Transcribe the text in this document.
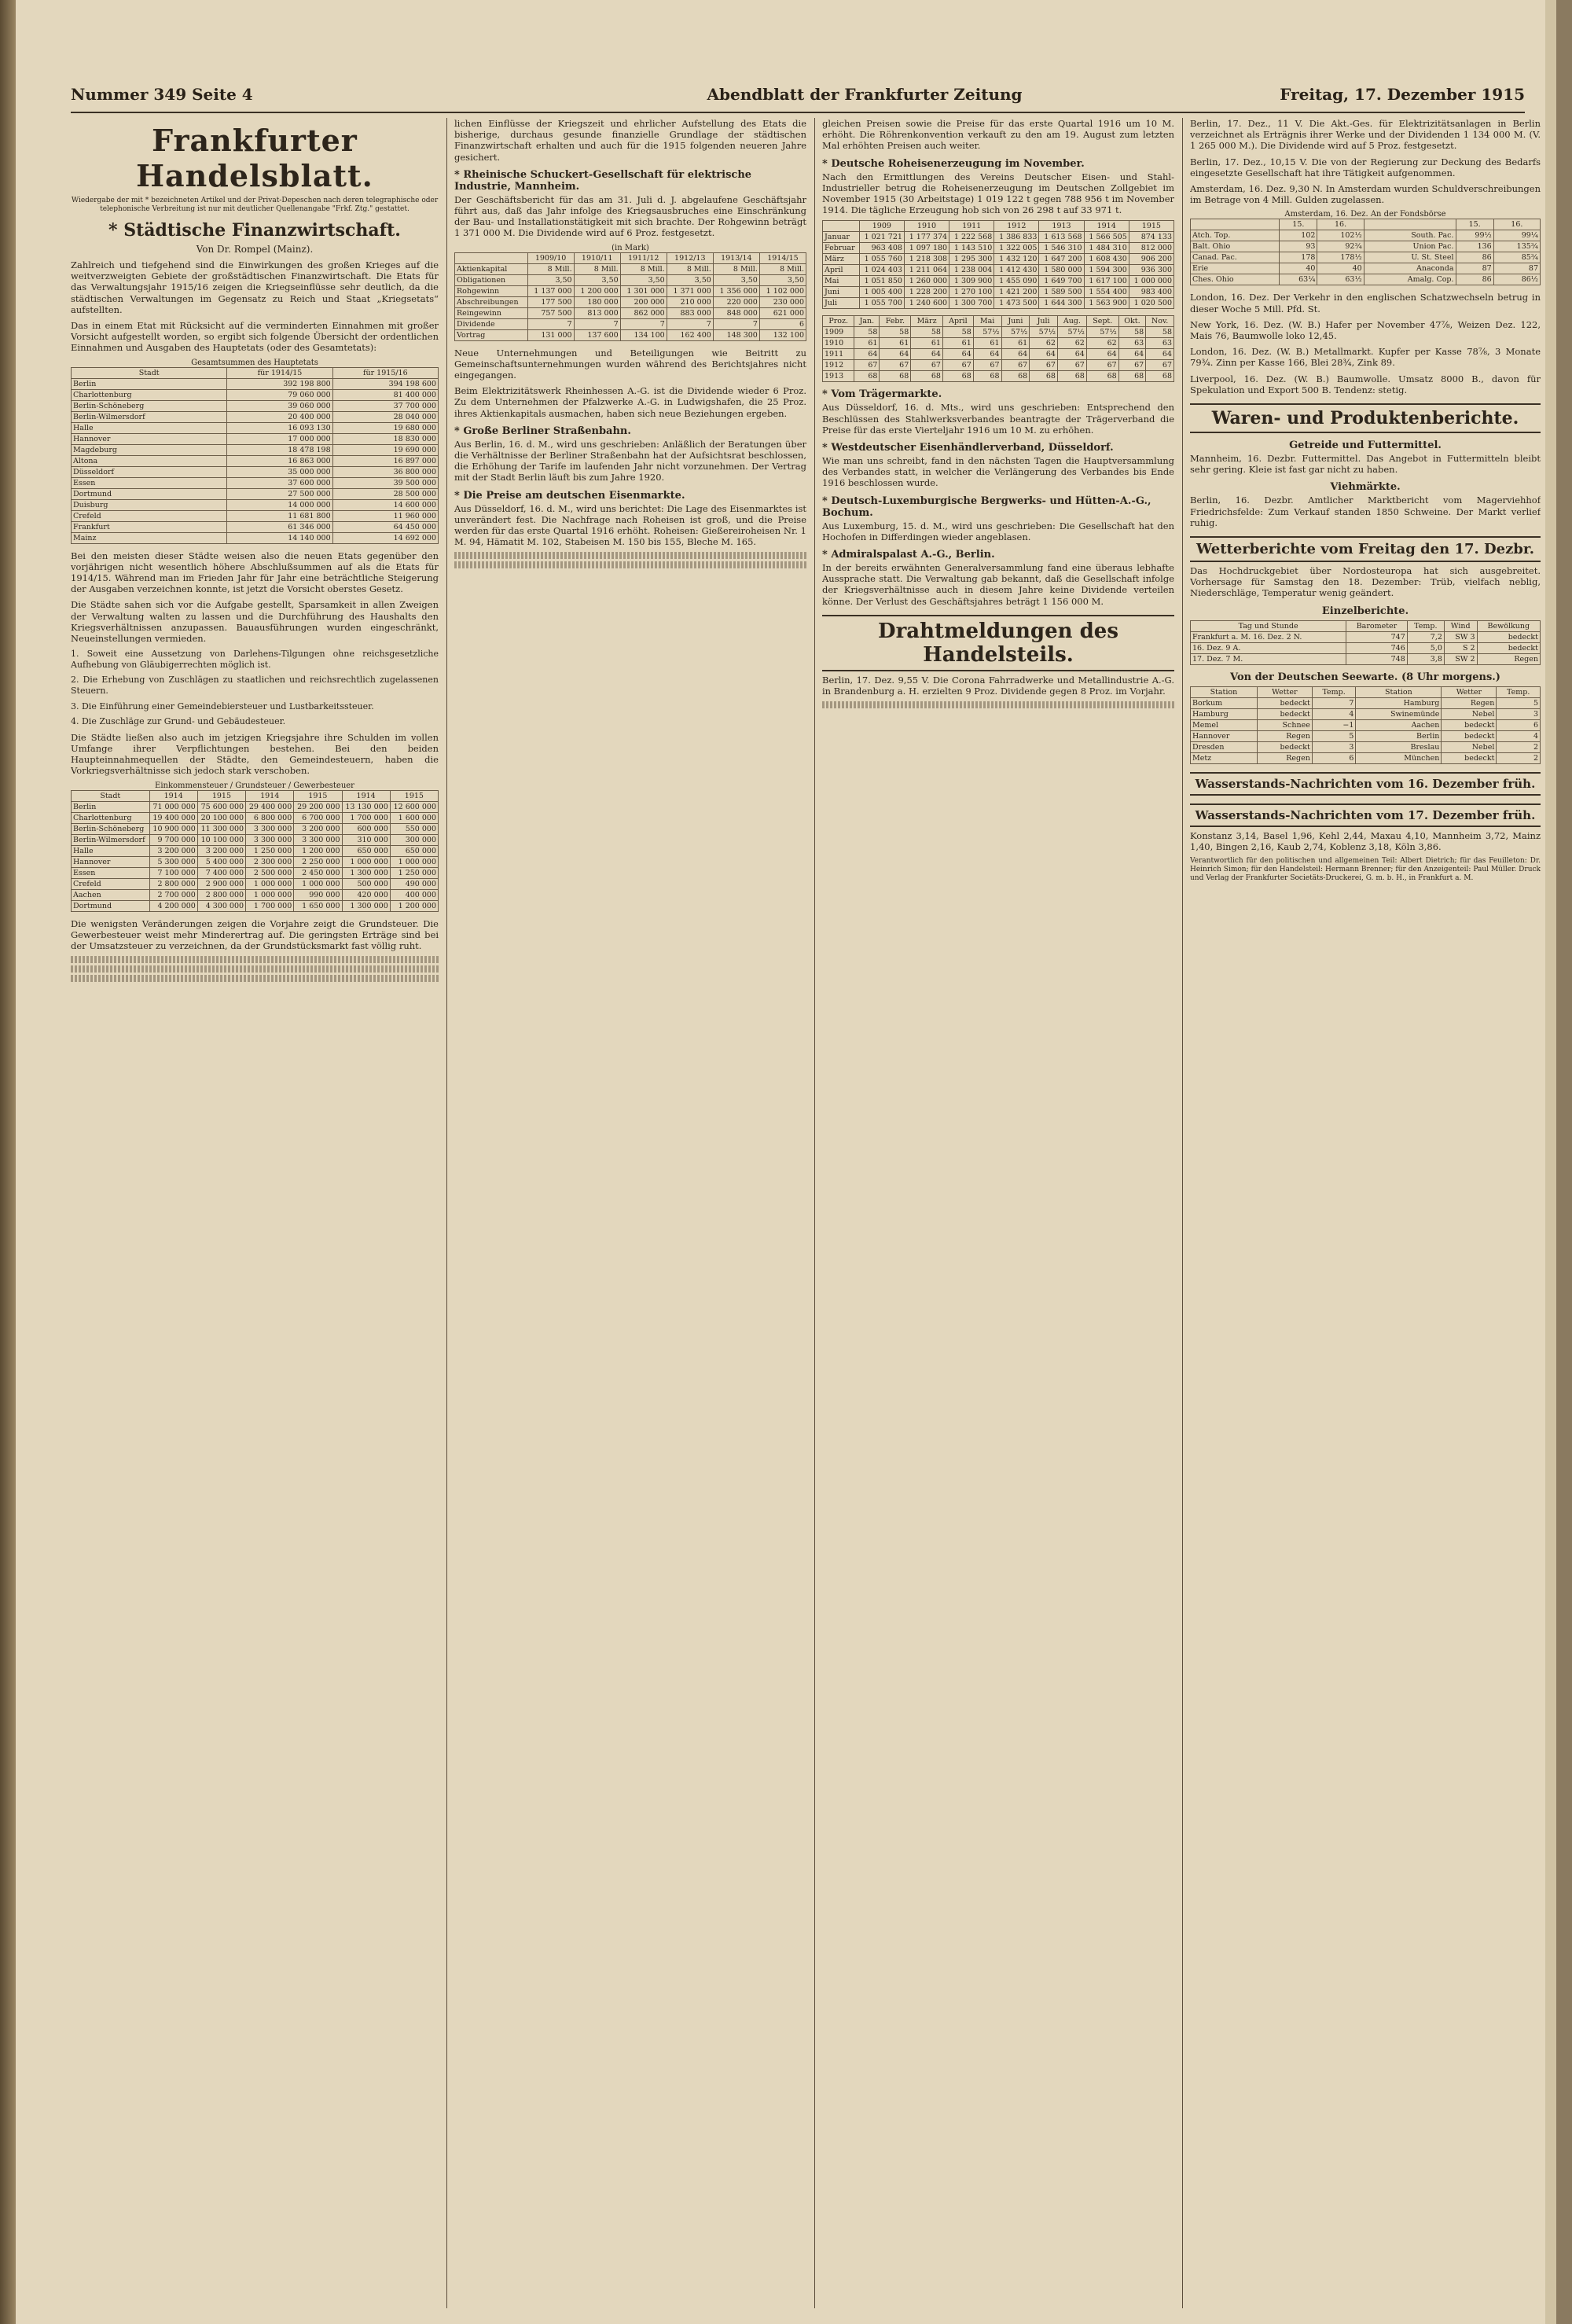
Nummer 349 Seite 4	Abendblatt der Frankfurter Zeitung	Freitag, 17. Dezember 1915
Frankfurter Handelsblatt.
Wiedergabe der mit * bezeichneten Artikel und der Privat-Depeschen nach deren telegraphische oder telephonische Verbreitung ist nur mit deutlicher Quellenangabe "Frkf. Ztg." gestattet.
* Städtische Finanzwirtschaft.
Von Dr. Rompel (Mainz).

Zahlreich und tiefgehend sind die Einwirkungen des großen Krieges auf die weitverzweigten Gebiete der großstädtischen Finanzwirtschaft. Die Etats für das Verwaltungsjahr 1915/16 zeigen die Kriegseinflüsse sehr deutlich, da die städtischen Verwaltungen im Gegensatz zu Reich und Staat „Kriegsetats“ aufstellten.

Das in einem Etat mit Rücksicht auf die verminderten Einnahmen mit großer Vorsicht aufgestellt worden, so ergibt sich folgende Übersicht der ordentlichen Einnahmen und Ausgaben des Hauptetats (oder des Gesamtetats):

Gesamtsummen des Hauptetats
Stadt	für 1914/15	für 1915/16
Berlin	392 198 800	394 198 600
Charlottenburg	79 060 000	81 400 000
Berlin-Schöneberg	39 060 000	37 700 000
Berlin-Wilmersdorf	20 400 000	28 040 000
Halle	16 093 130	19 680 000
Hannover	17 000 000	18 830 000
Magdeburg	18 478 198	19 690 000
Altona	16 863 000	16 897 000
Düsseldorf	35 000 000	36 800 000
Essen	37 600 000	39 500 000
Dortmund	27 500 000	28 500 000
Duisburg	14 000 000	14 600 000
Crefeld	11 681 800	11 960 000
Frankfurt	61 346 000	64 450 000
Mainz	14 140 000	14 692 000

Bei den meisten dieser Städte weisen also die neuen Etats gegenüber den vorjährigen nicht wesentlich höhere Abschlußsummen auf als die Etats für 1914/15. Während man im Frieden Jahr für Jahr eine beträchtliche Steigerung der Ausgaben verzeichnen konnte, ist jetzt die Vorsicht oberstes Gesetz.

Die Städte sahen sich vor die Aufgabe gestellt, Sparsamkeit in allen Zweigen der Verwaltung walten zu lassen und die Durchführung des Haushalts den Kriegsverhältnissen anzupassen. Bauausführungen wurden eingeschränkt, Neueinstellungen vermieden.

1. Soweit eine Aussetzung von Darlehens-Tilgungen ohne reichsgesetzliche Aufhebung von Gläubigerrechten möglich ist.

2. Die Erhebung von Zuschlägen zu staatlichen und reichsrechtlich zugelassenen Steuern.

3. Die Einführung einer Gemeindebiersteuer und Lustbarkeitssteuer.

4. Die Zuschläge zur Grund- und Gebäudesteuer.

Die Städte ließen also auch im jetzigen Kriegsjahre ihre Schulden im vollen Umfange ihrer Verpflichtungen bestehen. Bei den beiden Haupteinnahmequellen der Städte, den Gemeindesteuern, haben die Vorkriegsverhältnisse sich jedoch stark verschoben.

Einkommensteuer / Grundsteuer / Gewerbesteuer
Stadt	1914	1915	1914	1915	1914	1915
Berlin	71 000 000	75 600 000	29 400 000	29 200 000	13 130 000	12 600 000
Charlottenburg	19 400 000	20 100 000	6 800 000	6 700 000	1 700 000	1 600 000
Berlin-Schöneberg	10 900 000	11 300 000	3 300 000	3 200 000	600 000	550 000
Berlin-Wilmersdorf	9 700 000	10 100 000	3 300 000	3 300 000	310 000	300 000
Halle	3 200 000	3 200 000	1 250 000	1 200 000	650 000	650 000
Hannover	5 300 000	5 400 000	2 300 000	2 250 000	1 000 000	1 000 000
Essen	7 100 000	7 400 000	2 500 000	2 450 000	1 300 000	1 250 000
Crefeld	2 800 000	2 900 000	1 000 000	1 000 000	500 000	490 000
Aachen	2 700 000	2 800 000	1 000 000	990 000	420 000	400 000
Dortmund	4 200 000	4 300 000	1 700 000	1 650 000	1 300 000	1 200 000

Die wenigsten Veränderungen zeigen die Vorjahre zeigt die Grundsteuer. Die Gewerbesteuer weist mehr Minderertrag auf. Die geringsten Erträge sind bei der Umsatzsteuer zu verzeichnen, da der Grundstücksmarkt fast völlig ruht.

lichen Einflüsse der Kriegszeit und ehrlicher Aufstellung des Etats die bisherige, durchaus gesunde finanzielle Grundlage der städtischen Finanzwirtschaft erhalten und auch für die 1915 folgenden neueren Jahre gesichert.

* Rheinische Schuckert-Gesellschaft für elektrische Industrie, Mannheim.

Der Geschäftsbericht für das am 31. Juli d. J. abgelaufene Geschäftsjahr führt aus, daß das Jahr infolge des Kriegsausbruches eine Einschränkung der Bau- und Installationstätigkeit mit sich brachte. Der Rohgewinn beträgt 1 371 000 M. Die Dividende wird auf 6 Proz. festgesetzt.

(in Mark)
	1909/10	1910/11	1911/12	1912/13	1913/14	1914/15
Aktienkapital	8 Mill.	8 Mill.	8 Mill.	8 Mill.	8 Mill.	8 Mill.
Obligationen	3,50	3,50	3,50	3,50	3,50	3,50
Rohgewinn	1 137 000	1 200 000	1 301 000	1 371 000	1 356 000	1 102 000
Abschreibungen	177 500	180 000	200 000	210 000	220 000	230 000
Reingewinn	757 500	813 000	862 000	883 000	848 000	621 000
Dividende	7	7	7	7	7	6
Vortrag	131 000	137 600	134 100	162 400	148 300	132 100

Neue Unternehmungen und Beteiligungen wie Beitritt zu Gemeinschaftsunternehmungen wurden während des Berichtsjahres nicht eingegangen.

Beim Elektrizitätswerk Rheinhessen A.-G. ist die Dividende wieder 6 Proz. Zu dem Unternehmen der Pfalzwerke A.-G. in Ludwigshafen, die 25 Proz. ihres Aktienkapitals ausmachen, haben sich neue Beziehungen ergeben.

* Große Berliner Straßenbahn.

Aus Berlin, 16. d. M., wird uns geschrieben: Anläßlich der Beratungen über die Verhältnisse der Berliner Straßenbahn hat der Aufsichtsrat beschlossen, die Erhöhung der Tarife im laufenden Jahr nicht vorzunehmen. Der Vertrag mit der Stadt Berlin läuft bis zum Jahre 1920.

* Die Preise am deutschen Eisenmarkte.

Aus Düsseldorf, 16. d. M., wird uns berichtet: Die Lage des Eisenmarktes ist unverändert fest. Die Nachfrage nach Roheisen ist groß, und die Preise werden für das erste Quartal 1916 erhöht. Roheisen: Gießereiroheisen Nr. 1 M. 94, Hämatit M. 102, Stabeisen M. 150 bis 155, Bleche M. 165.

gleichen Preisen sowie die Preise für das erste Quartal 1916 um 10 M. erhöht. Die Röhrenkonvention verkauft zu den am 19. August zum letzten Mal erhöhten Preisen auch weiter.

* Deutsche Roheisenerzeugung im November.

Nach den Ermittlungen des Vereins Deutscher Eisen- und Stahl-Industrieller betrug die Roheisenerzeugung im Deutschen Zollgebiet im November 1915 (30 Arbeitstage) 1 019 122 t gegen 788 956 t im November 1914. Die tägliche Erzeugung hob sich von 26 298 t auf 33 971 t.

	1909	1910	1911	1912	1913	1914	1915
Januar	1 021 721	1 177 374	1 222 568	1 386 833	1 613 568	1 566 505	874 133
Februar	963 408	1 097 180	1 143 510	1 322 005	1 546 310	1 484 310	812 000
März	1 055 760	1 218 308	1 295 300	1 432 120	1 647 200	1 608 430	906 200
April	1 024 403	1 211 064	1 238 004	1 412 430	1 580 000	1 594 300	936 300
Mai	1 051 850	1 260 000	1 309 900	1 455 090	1 649 700	1 617 100	1 000 000
Juni	1 005 400	1 228 200	1 270 100	1 421 200	1 589 500	1 554 400	983 400
Juli	1 055 700	1 240 600	1 300 700	1 473 500	1 644 300	1 563 900	1 020 500
Proz.	Jan.	Febr.	März	April	Mai	Juni	Juli	Aug.	Sept.	Okt.	Nov.
1909	58	58	58	58	57½	57½	57½	57½	57½	58	58
1910	61	61	61	61	61	61	62	62	62	63	63
1911	64	64	64	64	64	64	64	64	64	64	64
1912	67	67	67	67	67	67	67	67	67	67	67
1913	68	68	68	68	68	68	68	68	68	68	68
* Vom Trägermarkte.

Aus Düsseldorf, 16. d. Mts., wird uns geschrieben: Entsprechend den Beschlüssen des Stahlwerksverbandes beantragte der Trägerverband die Preise für das erste Vierteljahr 1916 um 10 M. zu erhöhen.

* Westdeutscher Eisenhändlerverband, Düsseldorf.

Wie man uns schreibt, fand in den nächsten Tagen die Hauptversammlung des Verbandes statt, in welcher die Verlängerung des Verbandes bis Ende 1916 beschlossen wurde.

* Deutsch-Luxemburgische Bergwerks- und Hütten-A.-G., Bochum.

Aus Luxemburg, 15. d. M., wird uns geschrieben: Die Gesellschaft hat den Hochofen in Differdingen wieder angeblasen.

* Admiralspalast A.-G., Berlin.

In der bereits erwähnten Generalversammlung fand eine überaus lebhafte Aussprache statt. Die Verwaltung gab bekannt, daß die Gesellschaft infolge der Kriegsverhältnisse auch in diesem Jahre keine Dividende verteilen könne. Der Verlust des Geschäftsjahres beträgt 1 156 000 M.

Drahtmeldungen des Handelsteils.

Berlin, 17. Dez. 9,55 V. Die Corona Fahrradwerke und Metallindustrie A.-G. in Brandenburg a. H. erzielten 9 Proz. Dividende gegen 8 Proz. im Vorjahr.

Berlin, 17. Dez., 11 V. Die Akt.-Ges. für Elektrizitätsanlagen in Berlin verzeichnet als Erträgnis ihrer Werke und der Dividenden 1 134 000 M. (V. 1 265 000 M.). Die Dividende wird auf 5 Proz. festgesetzt.

Berlin, 17. Dez., 10,15 V. Die von der Regierung zur Deckung des Bedarfs eingesetzte Gesellschaft hat ihre Tätigkeit aufgenommen.

Amsterdam, 16. Dez. 9,30 N. In Amsterdam wurden Schuldverschreibungen im Betrage von 4 Mill. Gulden zugelassen.

Amsterdam, 16. Dez. An der Fondsbörse
	15.	16.		15.	16.
Atch. Top.	102	102½	South. Pac.	99½	99¼
Balt. Ohio	93	92¾	Union Pac.	136	135¾
Canad. Pac.	178	178½	U. St. Steel	86	85¾
Erie	40	40	Anaconda	87	87
Ches. Ohio	63¼	63½	Amalg. Cop.	86	86½

London, 16. Dez. Der Verkehr in den englischen Schatzwechseln betrug in dieser Woche 5 Mill. Pfd. St.

New York, 16. Dez. (W. B.) Hafer per November 47⅞, Weizen Dez. 122, Mais 76, Baumwolle loko 12,45.

London, 16. Dez. (W. B.) Metallmarkt. Kupfer per Kasse 78⅞, 3 Monate 79¾. Zinn per Kasse 166, Blei 28¾, Zink 89.

Liverpool, 16. Dez. (W. B.) Baumwolle. Umsatz 8000 B., davon für Spekulation und Export 500 B. Tendenz: stetig.

Waren- und Produktenberichte.
Getreide und Futtermittel.

Mannheim, 16. Dezbr. Futtermittel. Das Angebot in Futtermitteln bleibt sehr gering. Kleie ist fast gar nicht zu haben.

Viehmärkte.

Berlin, 16. Dezbr. Amtlicher Marktbericht vom Magerviehhof Friedrichsfelde: Zum Verkauf standen 1850 Schweine. Der Markt verlief ruhig.

Wetterberichte vom Freitag den 17. Dezbr.

Das Hochdruckgebiet über Nordosteuropa hat sich ausgebreitet. Vorhersage für Samstag den 18. Dezember: Trüb, vielfach neblig, Niederschläge, Temperatur wenig geändert.

Einzelberichte.
Tag und Stunde	Barometer	Temp.	Wind	Bewölkung
Frankfurt a. M. 16. Dez. 2 N.	747	7,2	SW 3	bedeckt
16. Dez. 9 A.	746	5,0	S 2	bedeckt
17. Dez. 7 M.	748	3,8	SW 2	Regen
Von der Deutschen Seewarte. (8 Uhr morgens.)
Station	Wetter	Temp.	Station	Wetter	Temp.
Borkum	bedeckt	7	Hamburg	Regen	5
Hamburg	bedeckt	4	Swinemünde	Nebel	3
Memel	Schnee	−1	Aachen	bedeckt	6
Hannover	Regen	5	Berlin	bedeckt	4
Dresden	bedeckt	3	Breslau	Nebel	2
Metz	Regen	6	München	bedeckt	2
Wasserstands-Nachrichten vom 16. Dezember früh.
Wasserstands-Nachrichten vom 17. Dezember früh.

Konstanz 3,14, Basel 1,96, Kehl 2,44, Maxau 4,10, Mannheim 3,72, Mainz 1,40, Bingen 2,16, Kaub 2,74, Koblenz 3,18, Köln 3,86.

Verantwortlich für den politischen und allgemeinen Teil: Albert Dietrich; für das Feuilleton: Dr. Heinrich Simon; für den Handelsteil: Hermann Brenner; für den Anzeigenteil: Paul Müller. Druck und Verlag der Frankfurter Societäts-Druckerei, G. m. b. H., in Frankfurt a. M.
